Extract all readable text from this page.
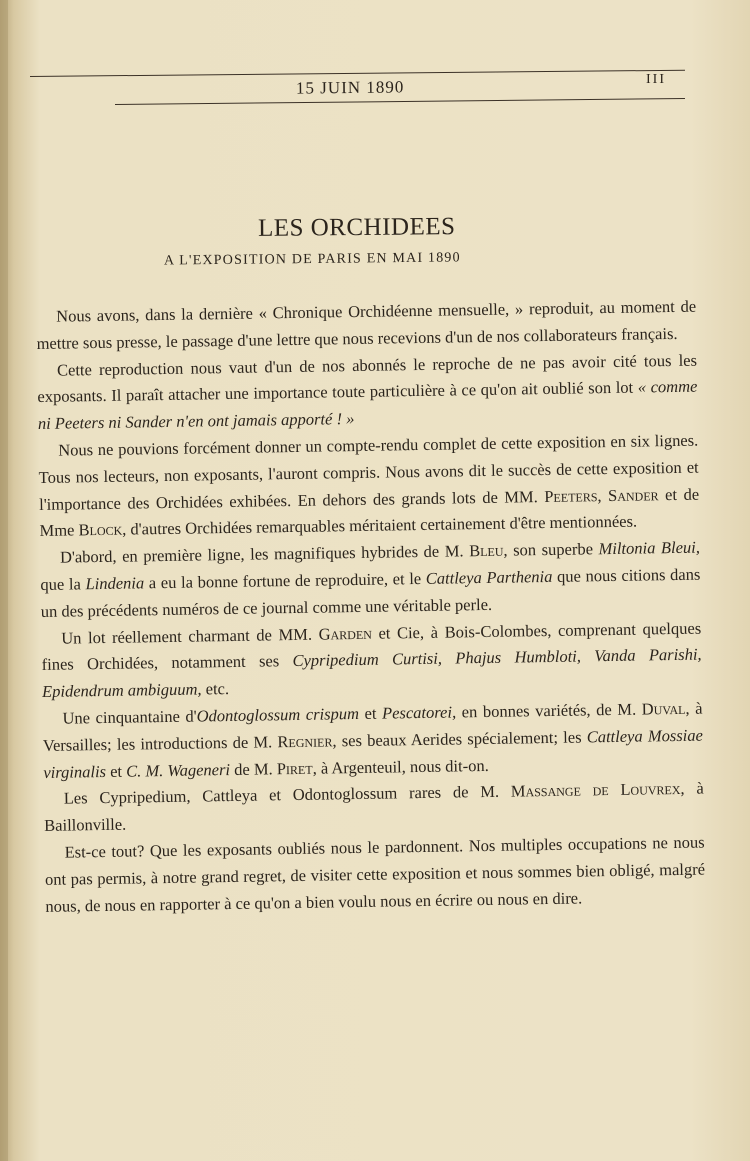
15 JUIN 1890	III
LES ORCHIDEES
A L'EXPOSITION DE PARIS EN MAI 1890

Nous avons, dans la dernière « Chronique Orchidéenne mensuelle, » reproduit, au moment de mettre sous presse, le passage d'une lettre que nous recevions d'un de nos collaborateurs français.

Cette reproduction nous vaut d'un de nos abonnés le reproche de ne pas avoir cité tous les exposants. Il paraît attacher une importance toute particulière à ce qu'on ait oublié son lot « comme ni Peeters ni Sander n'en ont jamais apporté ! »

Nous ne pouvions forcément donner un compte-rendu complet de cette exposition en six lignes. Tous nos lecteurs, non exposants, l'auront compris. Nous avons dit le succès de cette exposition et l'importance des Orchidées exhibées. En dehors des grands lots de MM. Peeters, Sander et de Mme Block, d'autres Orchidées remarquables méritaient certainement d'être mentionnées.

D'abord, en première ligne, les magnifiques hybrides de M. Bleu, son superbe Miltonia Bleui, que la Lindenia a eu la bonne fortune de reproduire, et le Cattleya Parthenia que nous citions dans un des précédents numéros de ce journal comme une véritable perle.

Un lot réellement charmant de MM. Garden et Cie, à Bois-Colombes, comprenant quelques fines Orchidées, notamment ses Cypripedium Curtisi, Phajus Humbloti, Vanda Parishi, Epidendrum ambiguum, etc.

Une cinquantaine d'Odontoglossum crispum et Pescatorei, en bonnes variétés, de M. Duval, à Versailles; les introductions de M. Regnier, ses beaux Aerides spécialement; les Cattleya Mossiae virginalis et C. M. Wageneri de M. Piret, à Argenteuil, nous dit-on.

Les Cypripedium, Cattleya et Odontoglossum rares de M. Massange de Louvrex, à Baillonville.

Est-ce tout? Que les exposants oubliés nous le pardonnent. Nos multiples occupations ne nous ont pas permis, à notre grand regret, de visiter cette exposition et nous sommes bien obligé, malgré nous, de nous en rapporter à ce qu'on a bien voulu nous en écrire ou nous en dire.
